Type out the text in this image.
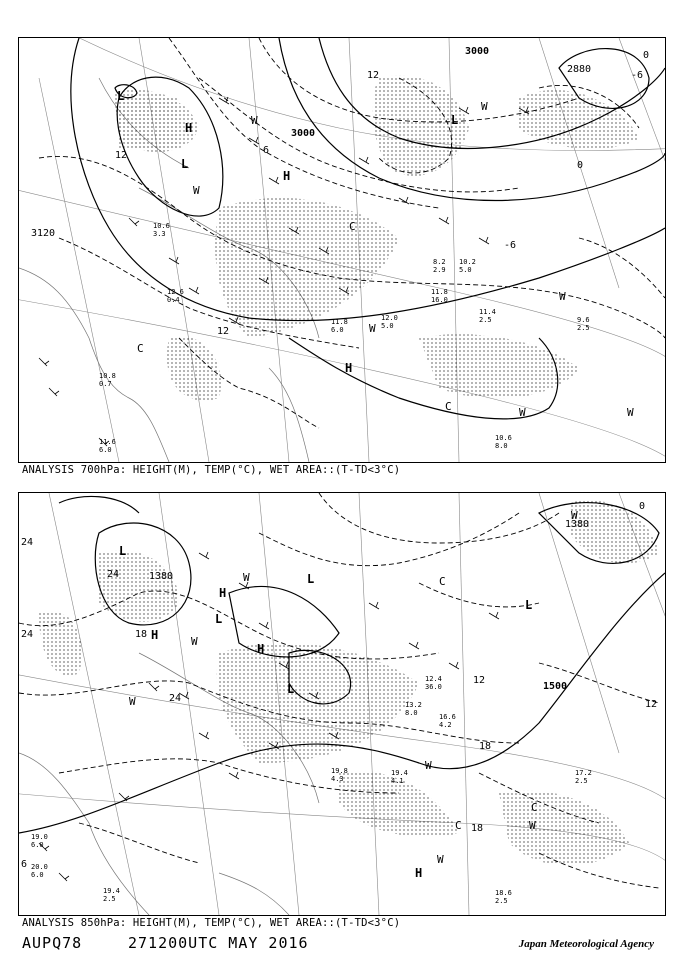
3000
3120
3000
2880
12
12
12
0
0
-6
-6
6
H
H
H
L
L
L
W
W
W
W
W
W	W
C
C
C
11.6 6.0
10.6 3.3
12.6 0.4
10.8 0.7
11.8 6.0
12.0 5.0
11.4 2.5	9.6 2.5
10.6 8.0
11.8 16.0
10.2 5.0
8.2 2.9
ANALYSIS 700hPa: HEIGHT(M), TEMP(°C), WET AREA::(T-TD<3°C)
1380
1380
1500
24
24
24
24
18
18
18
12
12
0
6
H
H
H
H
L
L
L
L
L
W
W
W
W
W
W
W
C
C
C
19.8 4.3
19.4 4.1
17.2 2.5
18.6 2.5
19.4 2.5
19.0 6.0
20.0 6.0
12.4 36.0
13.2 8.0	16.6 4.2
ANALYSIS 850hPa: HEIGHT(M), TEMP(°C), WET AREA::(T-TD<3°C)
AUPQ78	271200UTC MAY 2016	Japan Meteorological Agency
